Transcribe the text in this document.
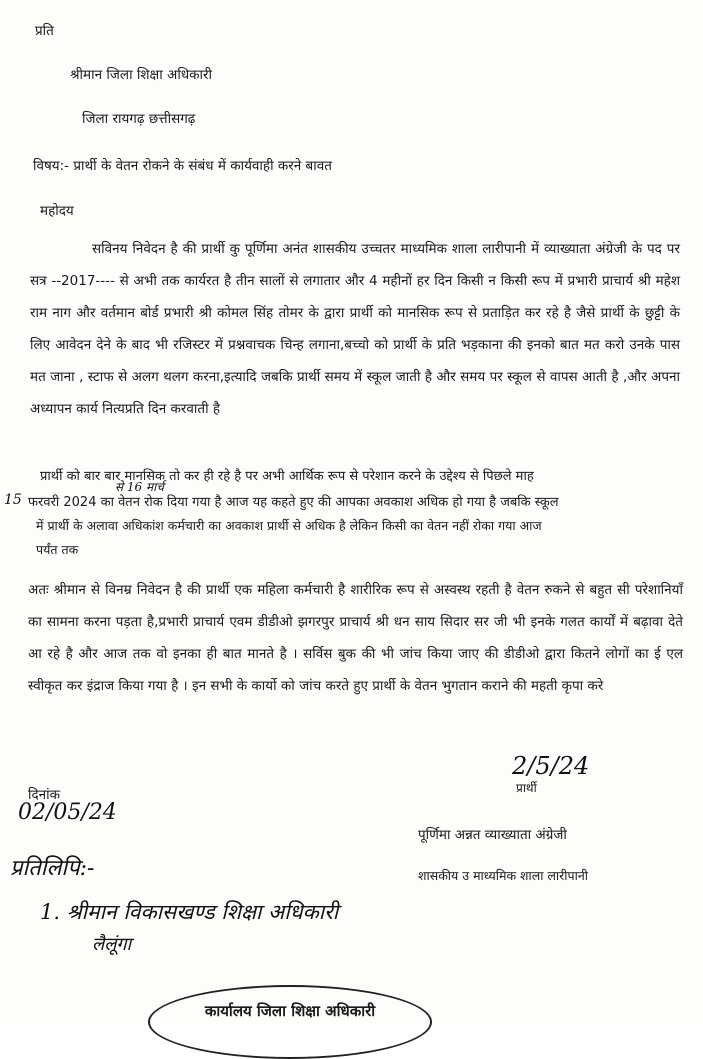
प्रति
श्रीमान जिला शिक्षा अधिकारी
जिला रायगढ़ छत्तीसगढ़
विषय:- प्रार्थी के वेतन रोकने के संबंध में कार्यवाही करने बावत
महोदय
सविनय निवेदन है की प्रार्थी कु पूर्णिमा अनंत शासकीय उच्चतर माध्यमिक शाला लारीपानी में व्याख्याता अंग्रेजी के पद पर सत्र --2017---- से अभी तक कार्यरत है तीन सालों से लगातार और 4 महीनों हर दिन किसी न किसी रूप में प्रभारी प्राचार्य श्री महेश राम नाग और वर्तमान बोर्ड प्रभारी श्री कोमल सिंह तोमर के द्वारा प्रार्थी को मानसिक रूप से प्रताड़ित कर रहे है जैसे प्रार्थी के छुट्टी के लिए आवेदन देने के बाद भी रजिस्टर में प्रश्नवाचक चिन्ह लगाना,बच्चो को प्रार्थी के प्रति भड़काना की इनको बात मत करो उनके पास मत जाना , स्टाफ से अलग थलग करना,इत्यादि जबकि प्रार्थी समय में स्कूल जाती है और समय पर स्कूल से वापस आती है ,और अपना अध्यापन कार्य नित्यप्रति दिन करवाती है
प्रार्थी को बार बार मानसिक तो कर ही रहे है पर अभी आर्थिक रूप से परेशान करने के उद्देश्य से पिछले माह
15
से 16 मार्च
फरवरी 2024 का वेतन रोक दिया गया है आज यह कहते हुए की आपका अवकाश अधिक हो गया है जबकि स्कूल
में प्रार्थी के अलावा अधिकांश कर्मचारी का अवकाश प्रार्थी से अधिक है लेकिन किसी का वेतन नहीं रोका गया आज
पर्यंत तक
अतः श्रीमान से विनम्र निवेदन है की प्रार्थी एक महिला कर्मचारी है शारीरिक रूप से अस्वस्थ रहती है वेतन रुकने से बहुत सी परेशानियाँ का सामना करना पड़ता है,प्रभारी प्राचार्य एवम डीडीओ झगरपुर प्राचार्य श्री धन साय सिदार सर जी भी इनके गलत कार्यों में बढ़ावा देते आ रहे है और आज तक वो इनका ही बात मानते है । सर्विस बुक की भी जांच किया जाए की डीडीओ द्वारा कितने लोगों का ई एल स्वीकृत कर इंद्राज किया गया है । इन सभी के कार्यो को जांच करते हुए प्रार्थी के वेतन भुगतान कराने की महती कृपा करे
2/5/24
प्रार्थी
दिनांक
02/05/24
पूर्णिमा अन्नत व्याख्याता अंग्रेजी
शासकीय उ माध्यमिक शाला लारीपानी
प्रतिलिपि:-
1. श्रीमान विकासखण्ड शिक्षा अधिकारी
लैलूंगा
कार्यालय जिला शिक्षा अधिकारी
